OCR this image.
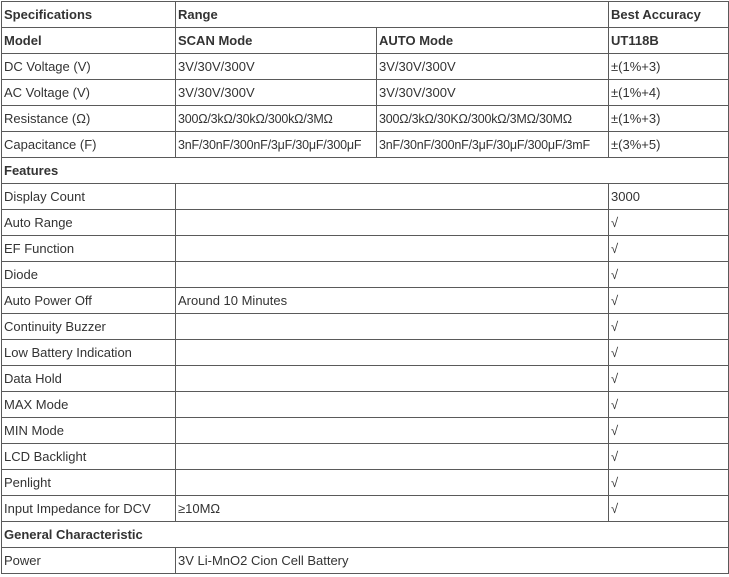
Specifications	Range		Best Accuracy
Model	SCAN Mode	AUTO Mode	UT118B
DC Voltage (V)	3V/30V/300V	3V/30V/300V	±(1%+3)
AC Voltage (V)	3V/30V/300V	3V/30V/300V	±(1%+4)
Resistance (Ω)	300Ω/3kΩ/30kΩ/300kΩ/3MΩ	300Ω/3kΩ/30KΩ/300kΩ/3MΩ/30MΩ	±(1%+3)
Capacitance (F)	3nF/30nF/300nF/3μF/30μF/300μF	3nF/30nF/300nF/3μF/30μF/300μF/3mF	±(3%+5)
Features			
Display Count			3000
Auto Range			√
EF Function			√
Diode			√
Auto Power Off	Around 10 Minutes		√
Continuity Buzzer			√
Low Battery Indication			√
Data Hold			√
MAX Mode			√
MIN Mode			√
LCD Backlight			√
Penlight			√
Input Impedance for DCV	≥10MΩ		√
General Characteristic			
Power	3V Li-MnO2 Cion Cell Battery		
